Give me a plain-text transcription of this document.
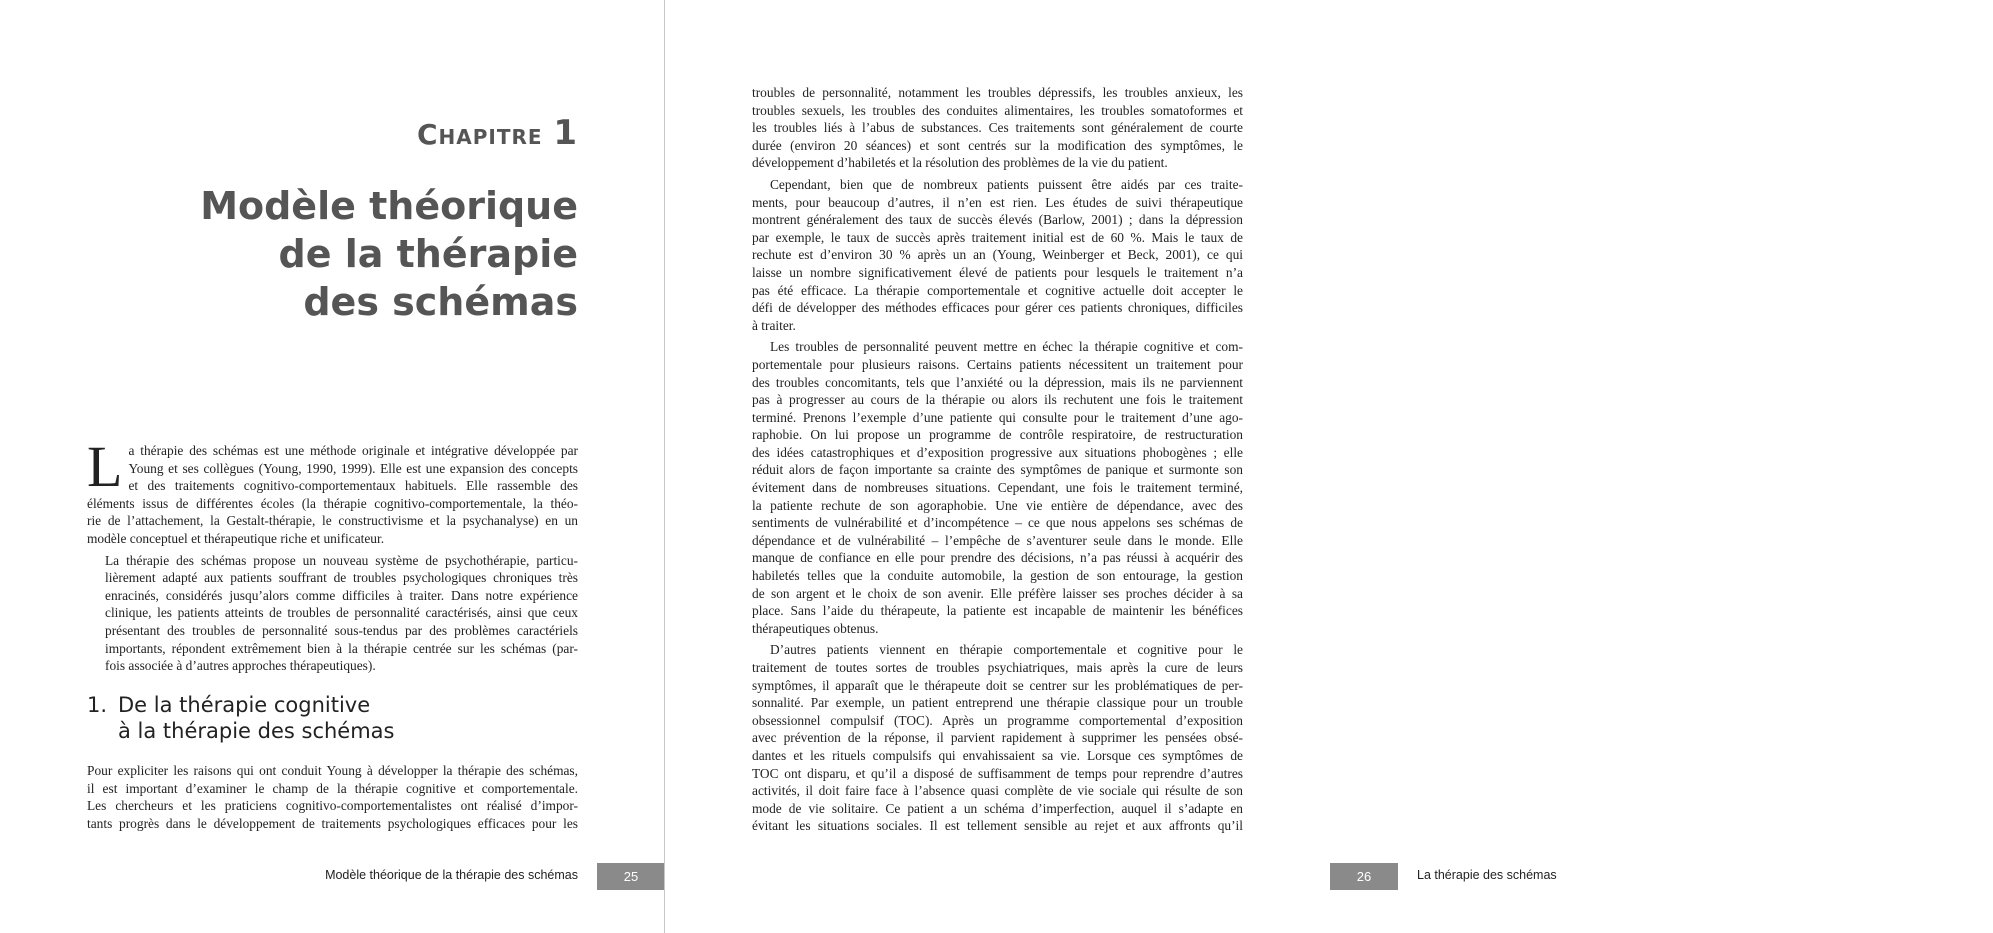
Chapitre 1
Modèle théorique
de la thérapie
des schémas

L a thérapie des schémas est une méthode originale et intégrative développée par
Young et ses collègues (Young, 1990, 1999). Elle est une expansion des concepts
et des traitements cognitivo-comportementaux habituels. Elle rassemble des
éléments issus de différentes écoles (la thérapie cognitivo-comportementale, la théo-
rie de l’attachement, la Gestalt-thérapie, le constructivisme et la psychanalyse) en un
modèle conceptuel et thérapeutique riche et unificateur.

La thérapie des schémas propose un nouveau système de psychothérapie, particu-
lièrement adapté aux patients souffrant de troubles psychologiques chroniques très
enracinés, considérés jusqu’alors comme difficiles à traiter. Dans notre expérience
clinique, les patients atteints de troubles de personnalité caractérisés, ainsi que ceux
présentant des troubles de personnalité sous-tendus par des problèmes caractériels
importants, répondent extrêmement bien à la thérapie centrée sur les schémas (par-
fois associée à d’autres approches thérapeutiques).

1. De la thérapie cognitive
à la thérapie des schémas

Pour expliciter les raisons qui ont conduit Young à développer la thérapie des schémas,
il est important d’examiner le champ de la thérapie cognitive et comportementale.
Les chercheurs et les praticiens cognitivo-comportementalistes ont réalisé d’impor-
tants progrès dans le développement de traitements psychologiques efficaces pour les

Modèle théorique de la thérapie des schémas	25

troubles de personnalité, notamment les troubles dépressifs, les troubles anxieux, les
troubles sexuels, les troubles des conduites alimentaires, les troubles somatoformes et
les troubles liés à l’abus de substances. Ces traitements sont généralement de courte
durée (environ 20 séances) et sont centrés sur la modification des symptômes, le
développement d’habiletés et la résolution des problèmes de la vie du patient.

Cependant, bien que de nombreux patients puissent être aidés par ces traite-
ments, pour beaucoup d’autres, il n’en est rien. Les études de suivi thérapeutique
montrent généralement des taux de succès élevés (Barlow, 2001) ; dans la dépression
par exemple, le taux de succès après traitement initial est de 60 %. Mais le taux de
rechute est d’environ 30 % après un an (Young, Weinberger et Beck, 2001), ce qui
laisse un nombre significativement élevé de patients pour lesquels le traitement n’a
pas été efficace. La thérapie comportementale et cognitive actuelle doit accepter le
défi de développer des méthodes efficaces pour gérer ces patients chroniques, difficiles
à traiter.

Les troubles de personnalité peuvent mettre en échec la thérapie cognitive et com-
portementale pour plusieurs raisons. Certains patients nécessitent un traitement pour
des troubles concomitants, tels que l’anxiété ou la dépression, mais ils ne parviennent
pas à progresser au cours de la thérapie ou alors ils rechutent une fois le traitement
terminé. Prenons l’exemple d’une patiente qui consulte pour le traitement d’une ago-
raphobie. On lui propose un programme de contrôle respiratoire, de restructuration
des idées catastrophiques et d’exposition progressive aux situations phobogènes ; elle
réduit alors de façon importante sa crainte des symptômes de panique et surmonte son
évitement dans de nombreuses situations. Cependant, une fois le traitement terminé,
la patiente rechute de son agoraphobie. Une vie entière de dépendance, avec des
sentiments de vulnérabilité et d’incompétence – ce que nous appelons ses schémas de
dépendance et de vulnérabilité – l’empêche de s’aventurer seule dans le monde. Elle
manque de confiance en elle pour prendre des décisions, n’a pas réussi à acquérir des
habiletés telles que la conduite automobile, la gestion de son entourage, la gestion
de son argent et le choix de son avenir. Elle préfère laisser ses proches décider à sa
place. Sans l’aide du thérapeute, la patiente est incapable de maintenir les bénéfices
thérapeutiques obtenus.

D’autres patients viennent en thérapie comportementale et cognitive pour le
traitement de toutes sortes de troubles psychiatriques, mais après la cure de leurs
symptômes, il apparaît que le thérapeute doit se centrer sur les problématiques de per-
sonnalité. Par exemple, un patient entreprend une thérapie classique pour un trouble
obsessionnel compulsif (TOC). Après un programme comportemental d’exposition
avec prévention de la réponse, il parvient rapidement à supprimer les pensées obsé-
dantes et les rituels compulsifs qui envahissaient sa vie. Lorsque ces symptômes de
TOC ont disparu, et qu’il a disposé de suffisamment de temps pour reprendre d’autres
activités, il doit faire face à l’absence quasi complète de vie sociale qui résulte de son
mode de vie solitaire. Ce patient a un schéma d’imperfection, auquel il s’adapte en
évitant les situations sociales. Il est tellement sensible au rejet et aux affronts qu’il

26	La thérapie des schémas
